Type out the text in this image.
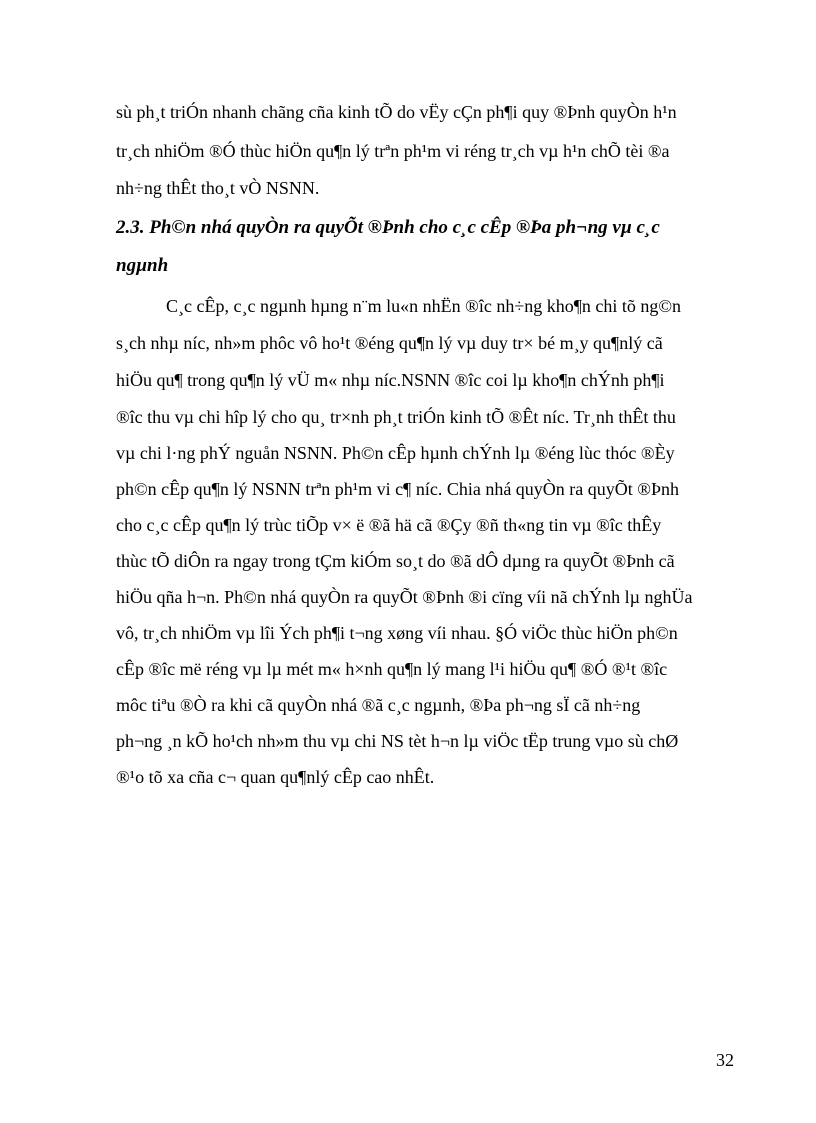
sù ph¸t triÓn nhanh chãng cña kinh tÕ do vËy cÇn ph¶i quy ®Þnh quyÒn h¹n

tr¸ch nhiÖm ®Ó thùc hiÖn qu¶n lý trªn ph¹m vi réng tr¸ch vµ h¹n chÕ tèi ®a

nh÷ng thÊt tho¸t vÒ NSNN.

2.3. Ph©n nhá quyÒn ra quyÕt ®Þnh cho c¸c cÊp ®Þa ph¬ng vµ c¸c

ngµnh

C¸c cÊp, c¸c ngµnh hµng n¨m lu«n nhËn ®îc nh÷ng kho¶n chi tõ ng©n

s¸ch nhµ níc, nh»m phôc vô ho¹t ®éng qu¶n lý vµ duy tr× bé m¸y qu¶nlý cã

hiÖu qu¶ trong qu¶n lý vÜ m« nhµ níc.NSNN ®îc coi lµ kho¶n chÝnh ph¶i

®îc thu vµ chi hîp lý cho qu¸ tr×nh ph¸t triÓn kinh tÕ ®Êt níc. Tr¸nh thÊt thu

vµ chi l·ng phÝ nguån NSNN. Ph©n cÊp hµnh chÝnh lµ ®éng lùc thóc ®Èy

ph©n cÊp qu¶n lý NSNN trªn ph¹m vi c¶ níc. Chia nhá quyÒn ra quyÕt ®Þnh

cho c¸c cÊp qu¶n lý trùc tiÕp v× ë ®ã hä cã ®Çy ®ñ th«ng tin vµ ®îc thÊy

thùc tÕ diÔn ra ngay trong tÇm kiÓm so¸t do ®ã dÔ dµng ra quyÕt ®Þnh cã

hiÖu qña h¬n. Ph©n nhá quyÒn ra quyÕt ®Þnh ®i cïng víi nã chÝnh lµ nghÜa

vô, tr¸ch nhiÖm vµ lîi Ých ph¶i t¬ng xøng víi nhau. §Ó viÖc thùc hiÖn ph©n

cÊp ®îc më réng vµ lµ mét m« h×nh qu¶n lý mang l¹i hiÖu qu¶ ®Ó ®¹t ®îc

môc tiªu ®Ò ra khi cã quyÒn nhá ®ã c¸c ngµnh, ®Þa ph¬ng sÏ cã nh÷ng

ph¬ng ¸n kÕ ho¹ch nh»m thu vµ chi NS tèt h¬n lµ viÖc tËp trung vµo sù chØ

®¹o tõ xa cña c¬ quan qu¶nlý cÊp cao nhÊt.

32
